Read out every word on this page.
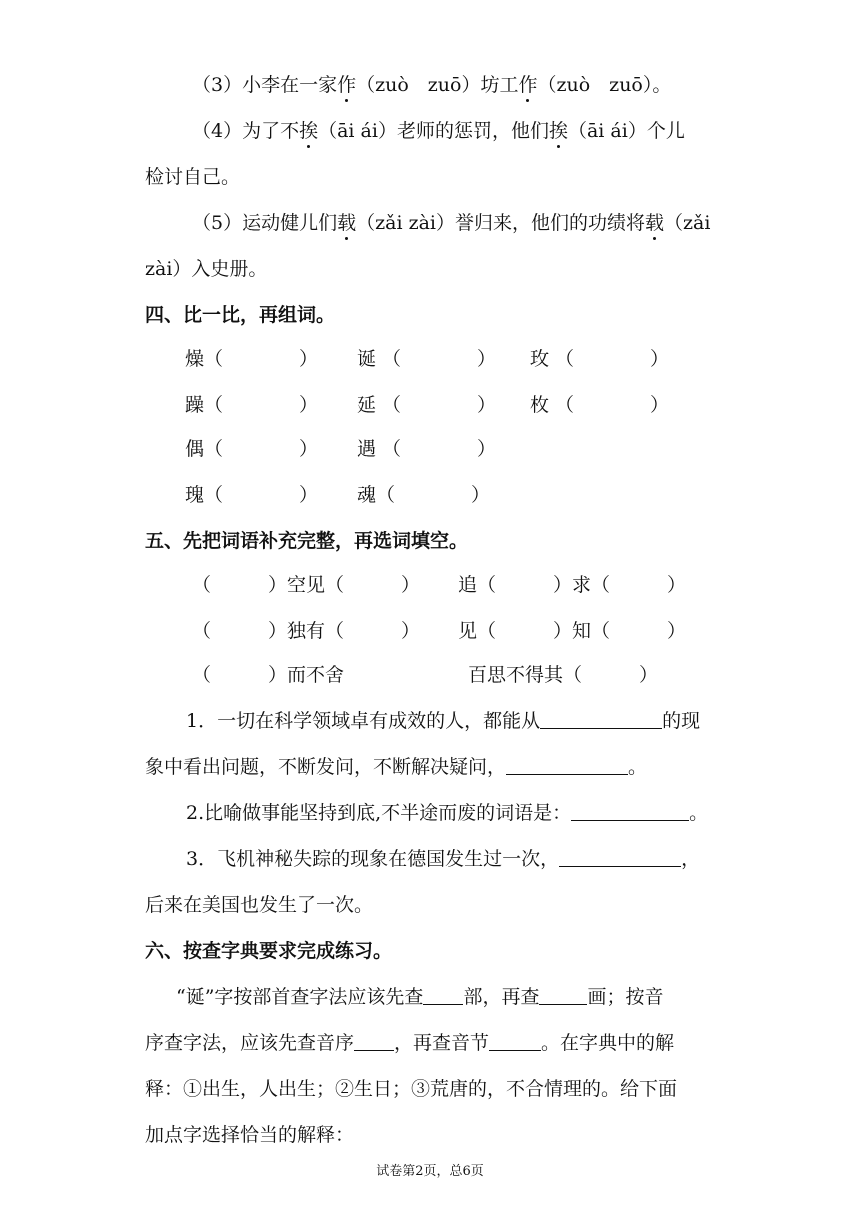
（3）小李在一家作（zuò　zuō）坊工作（zuò　zuō）。
（4）为了不挨（āi ái）老师的惩罚，他们挨（āi ái）个儿
检讨自己。
（5）运动健儿们载（zǎi zài）誉归来，他们的功绩将载（zǎi
zài）入史册。
四、比一比，再组词。
燥（　　　　） 诞 （　　　　） 玫 （　　　　）
躁（　　　　） 延 （　　　　） 枚 （　　　　）
偶（　　　　） 遇 （　　　　）
瑰（　　　　） 魂（　　　　）
五、先把词语补充完整，再选词填空。
（　　　）空见（　　　） 追（　　　）求（　　　）
（　　　）独有（　　　） 见（　　　）知（　　　）
（　　　）而不舍	百思不得其（　　　）
1．一切在科学领域卓有成效的人，都能从	的现
象中看出问题，不断发问，不断解决疑问，	。
2.比喻做事能坚持到底,不半途而废的词语是：	。
3．飞机神秘失踪的现象在德国发生过一次，	，
后来在美国也发生了一次。
六、按查字典要求完成练习。
“诞”字按部首查字法应该先查 部，再查	画；按音
序查字法，应该先查音序 ，再查音节	。在字典中的解
释：①出生，人出生；②生日；③荒唐的，不合情理的。给下面
加点字选择恰当的解释：
试卷第2页，总6页
